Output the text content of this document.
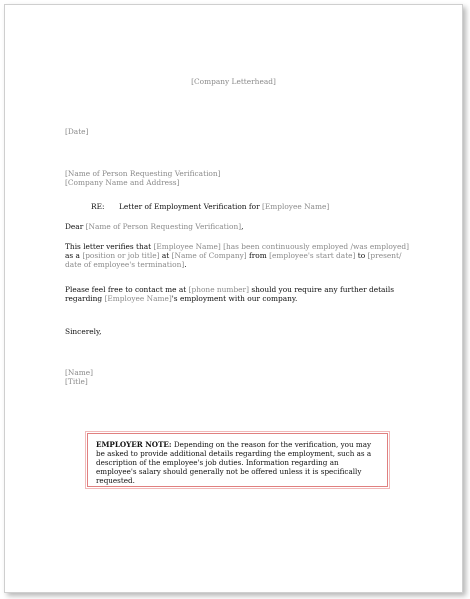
[Company Letterhead]

[Date]

[Name of Person Requesting Verification]
[Company Name and Address]

RE: Letter of Employment Verification for [Employee Name]

Dear [Name of Person Requesting Verification],

This letter verifies that [Employee Name] [has been continuously employed /was employed] as a [position or job title] at [Name of Company] from [employee's start date] to [present/ date of employee's termination].

Please feel free to contact me at [phone number] should you require any further details regarding [Employee Name]'s employment with our company.

Sincerely,

[Name]
[Title]
EMPLOYER NOTE: Depending on the reason for the verification, you may be asked to provide additional details regarding the employment, such as a description of the employee's job duties. Information regarding an employee's salary should generally not be offered unless it is specifically requested.
